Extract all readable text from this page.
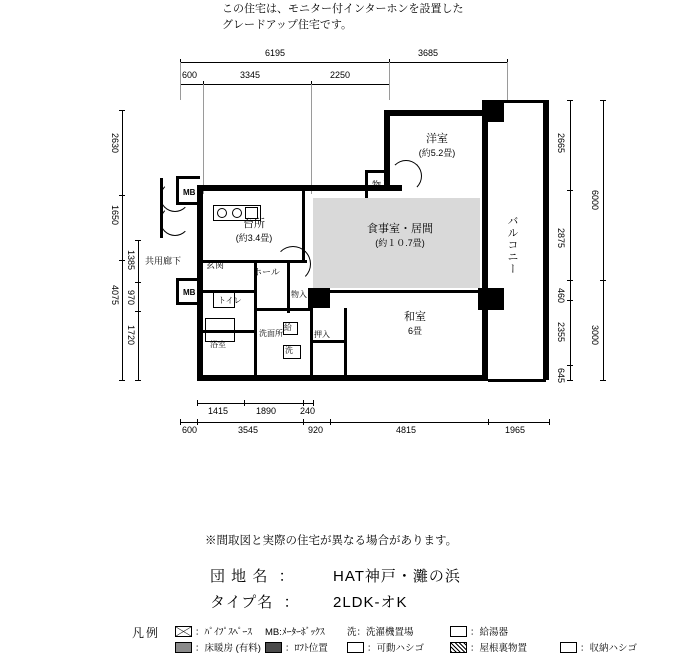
この住宅は、モニター付インターホンを設置した
グレードアップ住宅です。
6195	3685
600	3345	2250
2630
1650
1385
970
1720
4075
共用廊下
2665
2875
460
2355
645
6000
3000
MB
MB
洗
給
洋室
(約5.2畳)
物入
台所
(約3.4畳)
食事室・居間
(約１０.7畳)	バルコニー
玄関
ホール
トイレ
浴室
洗面所
物入
押入
和室
6畳
1415	1890	240
600	3545	920	4815	1965
※間取図と実際の住宅が異なる場合があります。
団 地 名  ：	HAT神戸・灘の浜
タイプ名  ： 2LDK-オK
凡例	：ﾊﾟｲﾌﾟｽﾍﾟｰｽ MB:ﾒｰﾀｰﾎﾞｯｸｽ 洗：洗濯機置場	：給湯器
：床暖房 (有料)	：ﾛﾌﾄ位置	：可動ハシゴ	：屋根裏物置	：収納ハシゴ
